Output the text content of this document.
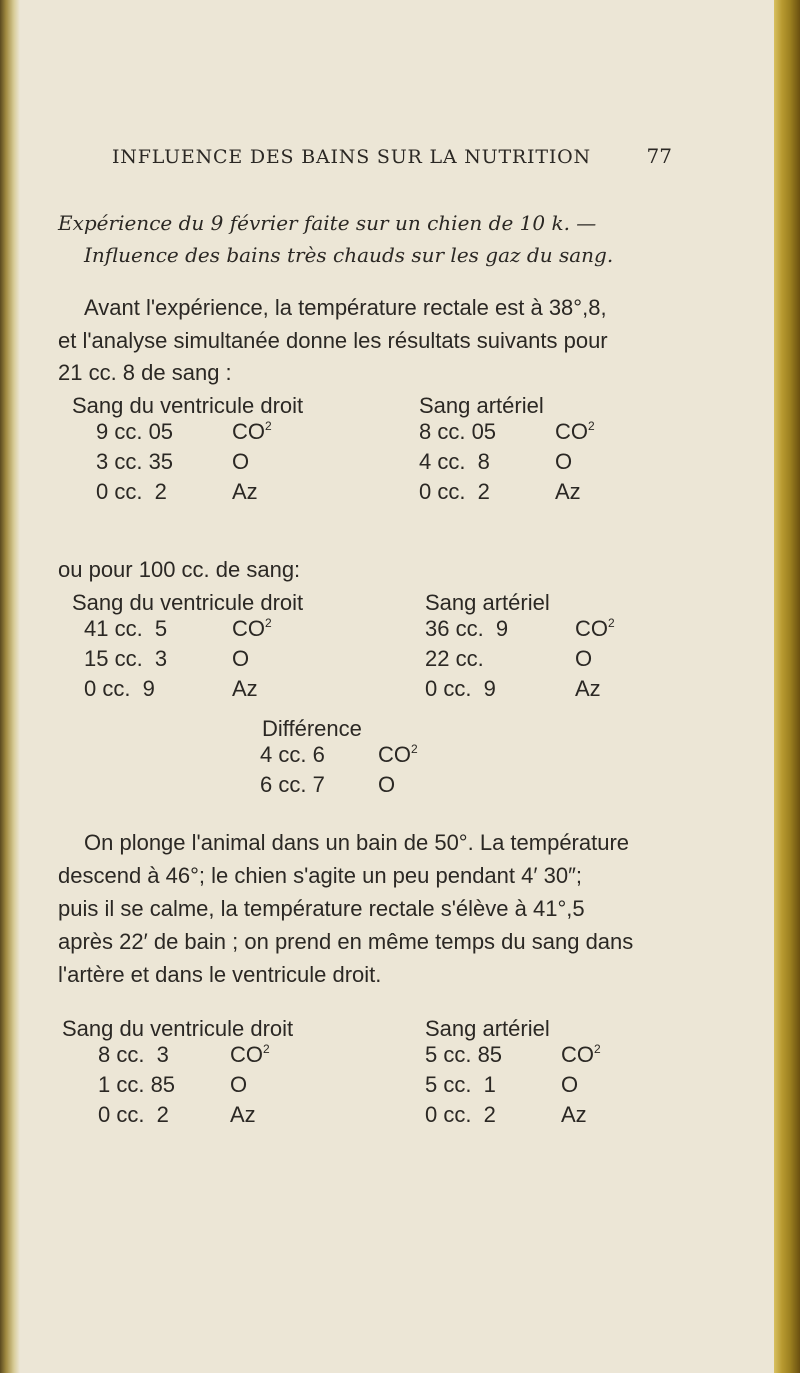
INFLUENCE DES BAINS SUR LA NUTRITION	77
Expérience du 9 février faite sur un chien de 10 k. —
Influence des bains très chauds sur les gaz du sang.
Avant l'expérience, la température rectale est à 38°,8,
et l'analyse simultanée donne les résultats suivants pour
21 cc. 8 de sang :
Sang du ventricule droit
9 cc. 05	$CO^2$
3 cc. 35	O
0 cc.  2	Az
Sang artériel
8 cc. 05	$CO^2$
4 cc.  8	O
0 cc.  2	Az
ou pour 100 cc. de sang:
Sang du ventricule droit
41 cc.  5	$CO^2$
15 cc.  3	O
0 cc.  9	Az
Sang artériel
36 cc.  9	$CO^2$
22 cc.	O
0 cc.  9	Az
Différence
4 cc. 6 $CO^2$
6 cc. 7 O
On plonge l'animal dans un bain de 50°. La température
descend à 46°; le chien s'agite un peu pendant 4′ 30″;
puis il se calme, la température rectale s'élève à 41°,5
après 22′ de bain ; on prend en même temps du sang dans
l'artère et dans le ventricule droit.
Sang du ventricule droit
8 cc.  3	$CO^2$
1 cc. 85 O
0 cc.  2	Az
Sang artériel
5 cc. 85	$CO^2$
5 cc.  1	O
0 cc.  2	Az
